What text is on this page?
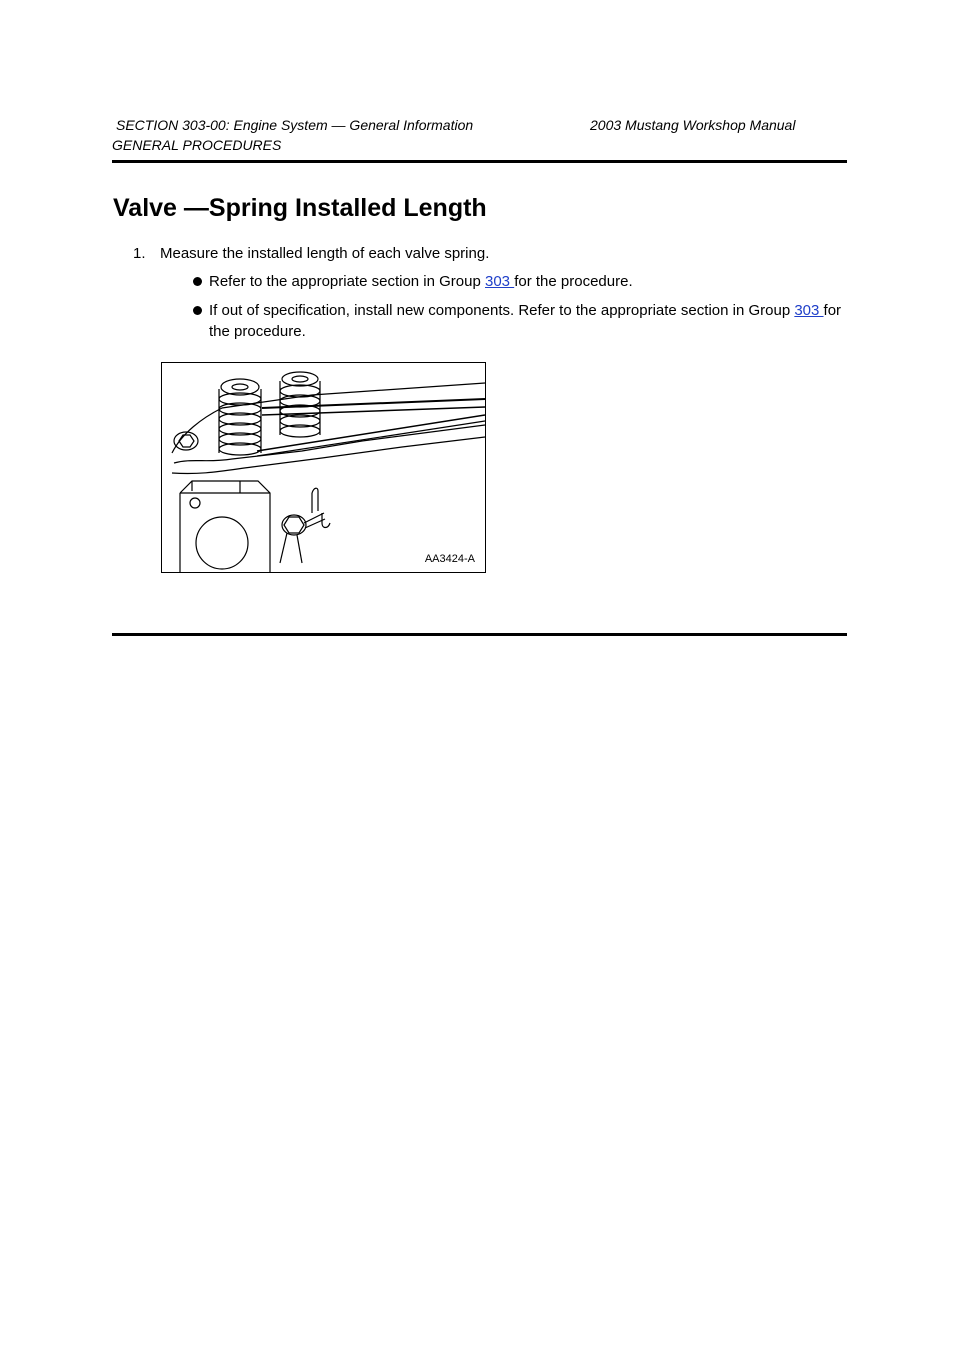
SECTION 303-00: Engine System — General Information	2003 Mustang Workshop Manual
GENERAL PROCEDURES
Valve —Spring Installed Length
1. Measure the installed length of each valve spring.
Refer to the appropriate section in Group 303 for the procedure.
If out of specification, install new components. Refer to the appropriate section in Group 303 for the procedure.
AA3424-A
